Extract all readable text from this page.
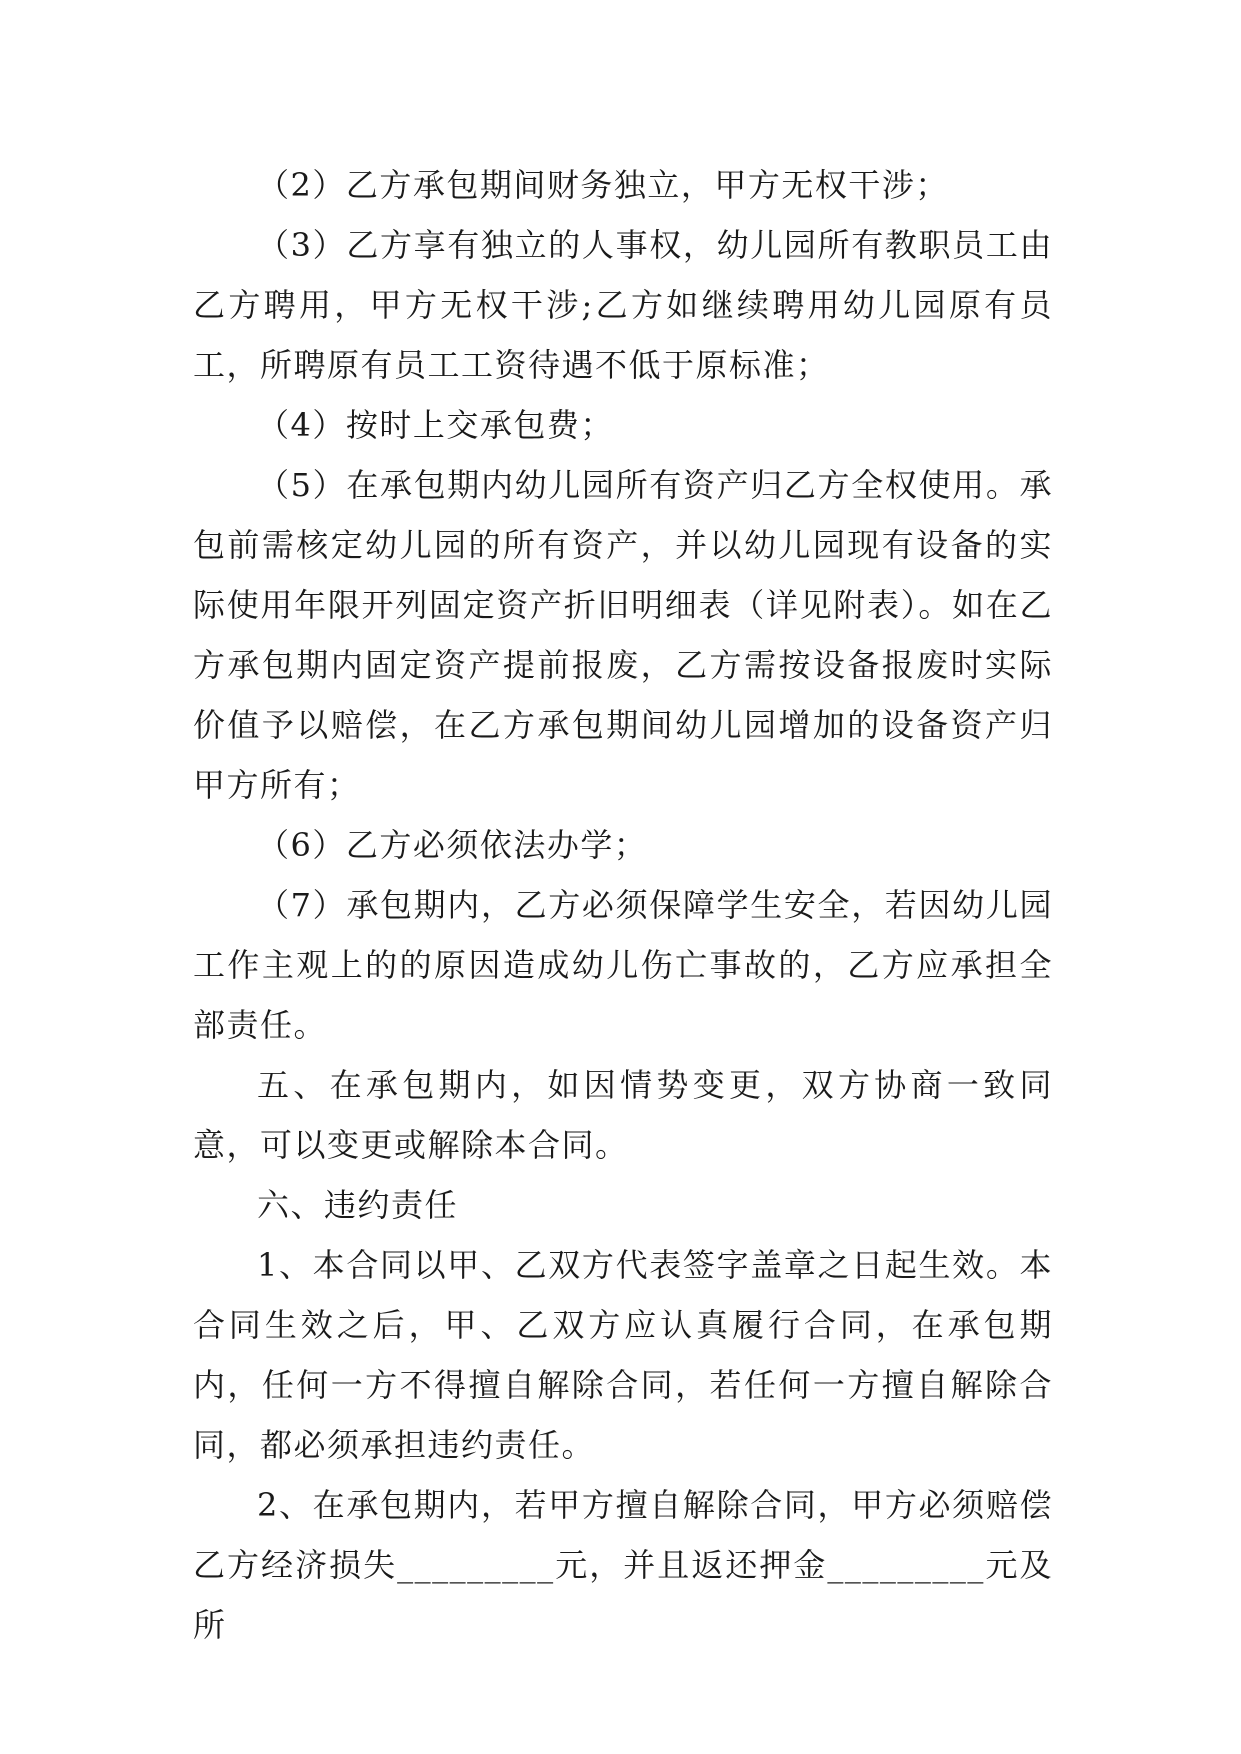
（2）乙方承包期间财务独立，甲方无权干涉；

（3）乙方享有独立的人事权，幼儿园所有教职员工由乙方聘用，甲方无权干涉;乙方如继续聘用幼儿园原有员工，所聘原有员工工资待遇不低于原标准；

（4）按时上交承包费；

（5）在承包期内幼儿园所有资产归乙方全权使用。承包前需核定幼儿园的所有资产，并以幼儿园现有设备的实际使用年限开列固定资产折旧明细表（详见附表）。如在乙方承包期内固定资产提前报废，乙方需按设备报废时实际价值予以赔偿，在乙方承包期间幼儿园增加的设备资产归甲方所有；

（6）乙方必须依法办学；

（7）承包期内，乙方必须保障学生安全，若因幼儿园工作主观上的的原因造成幼儿伤亡事故的，乙方应承担全部责任。

五、在承包期内，如因情势变更，双方协商一致同意，可以变更或解除本合同。

六、违约责任

1、本合同以甲、乙双方代表签字盖章之日起生效。本合同生效之后，甲、乙双方应认真履行合同，在承包期内，任何一方不得擅自解除合同，若任何一方擅自解除合同，都必须承担违约责任。

2、在承包期内，若甲方擅自解除合同，甲方必须赔偿乙方经济损失_________元，并且返还押金_________元及所
